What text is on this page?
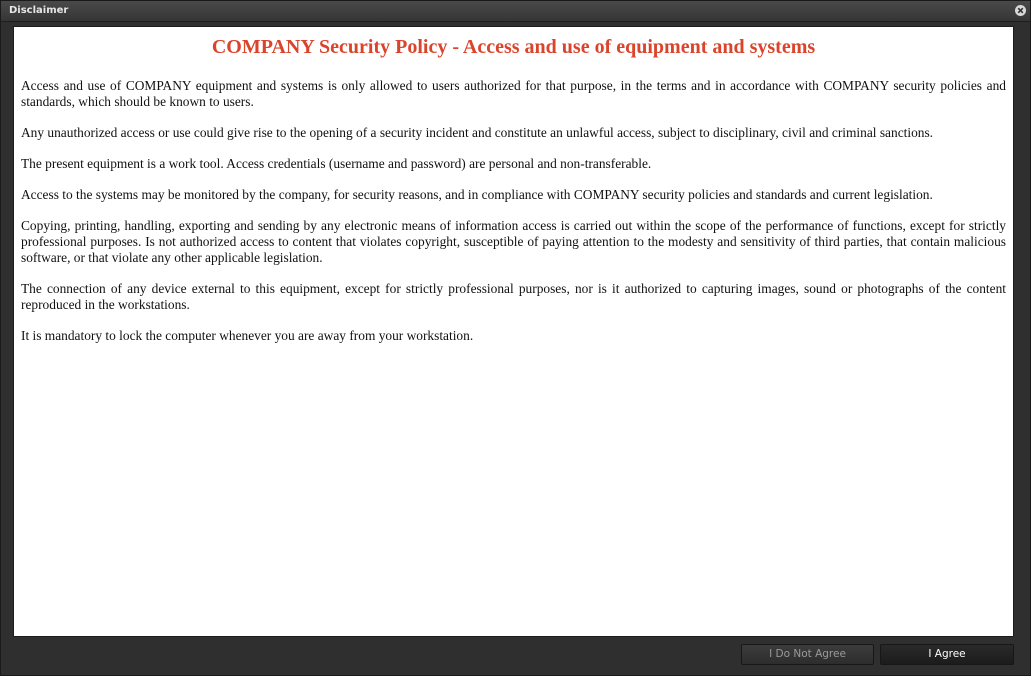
Disclaimer
COMPANY Security Policy - Access and use of equipment and systems

Access and use of COMPANY equipment and systems is only allowed to users authorized for that purpose, in the terms and in accordance with COMPANY security policies and standards, which should be known to users.

Any unauthorized access or use could give rise to the opening of a security incident and constitute an unlawful access, subject to disciplinary, civil and criminal sanctions.

The present equipment is a work tool. Access credentials (username and password) are personal and non-transferable.

Access to the systems may be monitored by the company, for security reasons, and in compliance with COMPANY security policies and standards and current legislation.

Copying, printing, handling, exporting and sending by any electronic means of information access is carried out within the scope of the performance of functions, except for strictly professional purposes. Is not authorized access to content that violates copyright, susceptible of paying attention to the modesty and sensitivity of third parties, that contain malicious software, or that violate any other applicable legislation.

The connection of any device external to this equipment, except for strictly professional purposes, nor is it authorized to capturing images, sound or photographs of the content reproduced in the workstations.

It is mandatory to lock the computer whenever you are away from your workstation.

I Do Not Agree	I Agree
